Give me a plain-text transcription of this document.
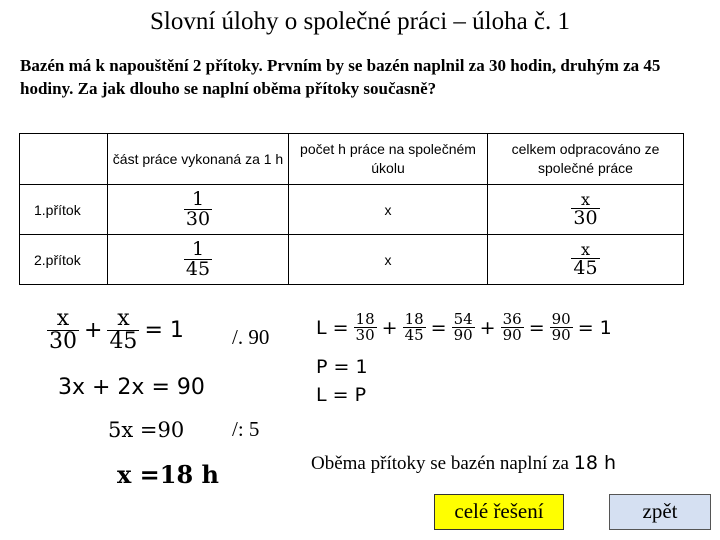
Slovní úlohy o společné práci – úloha č. 1
Bazén má k napouštění 2 přítoky. Prvním by se bazén naplnil za 30 hodin, druhým za 45 hodiny. Za jak dlouho se naplní oběma přítoky současně?
	část práce vykonaná za 1 h	počet h práce na společném úkolu	celkem odpracováno ze společné práce
1.přítok	$\frac{1}{30}$	x	$\frac{x}{30}$

2.přítok	$\frac{1}{45}$	x	$\frac{x}{45}$
$\frac{x}{30} + \frac{x}{45} = 1$ /. 90
3x + 2x = 90
5x =90 /: 5
x =18 h
$L = \frac{18}{30} + \frac{18}{45} = \frac{54}{90} + \frac{36}{90} = \frac{90}{90} = 1$
P = 1
L = P
Oběma přítoky se bazén naplní za 18 h
celé řešení	zpět
